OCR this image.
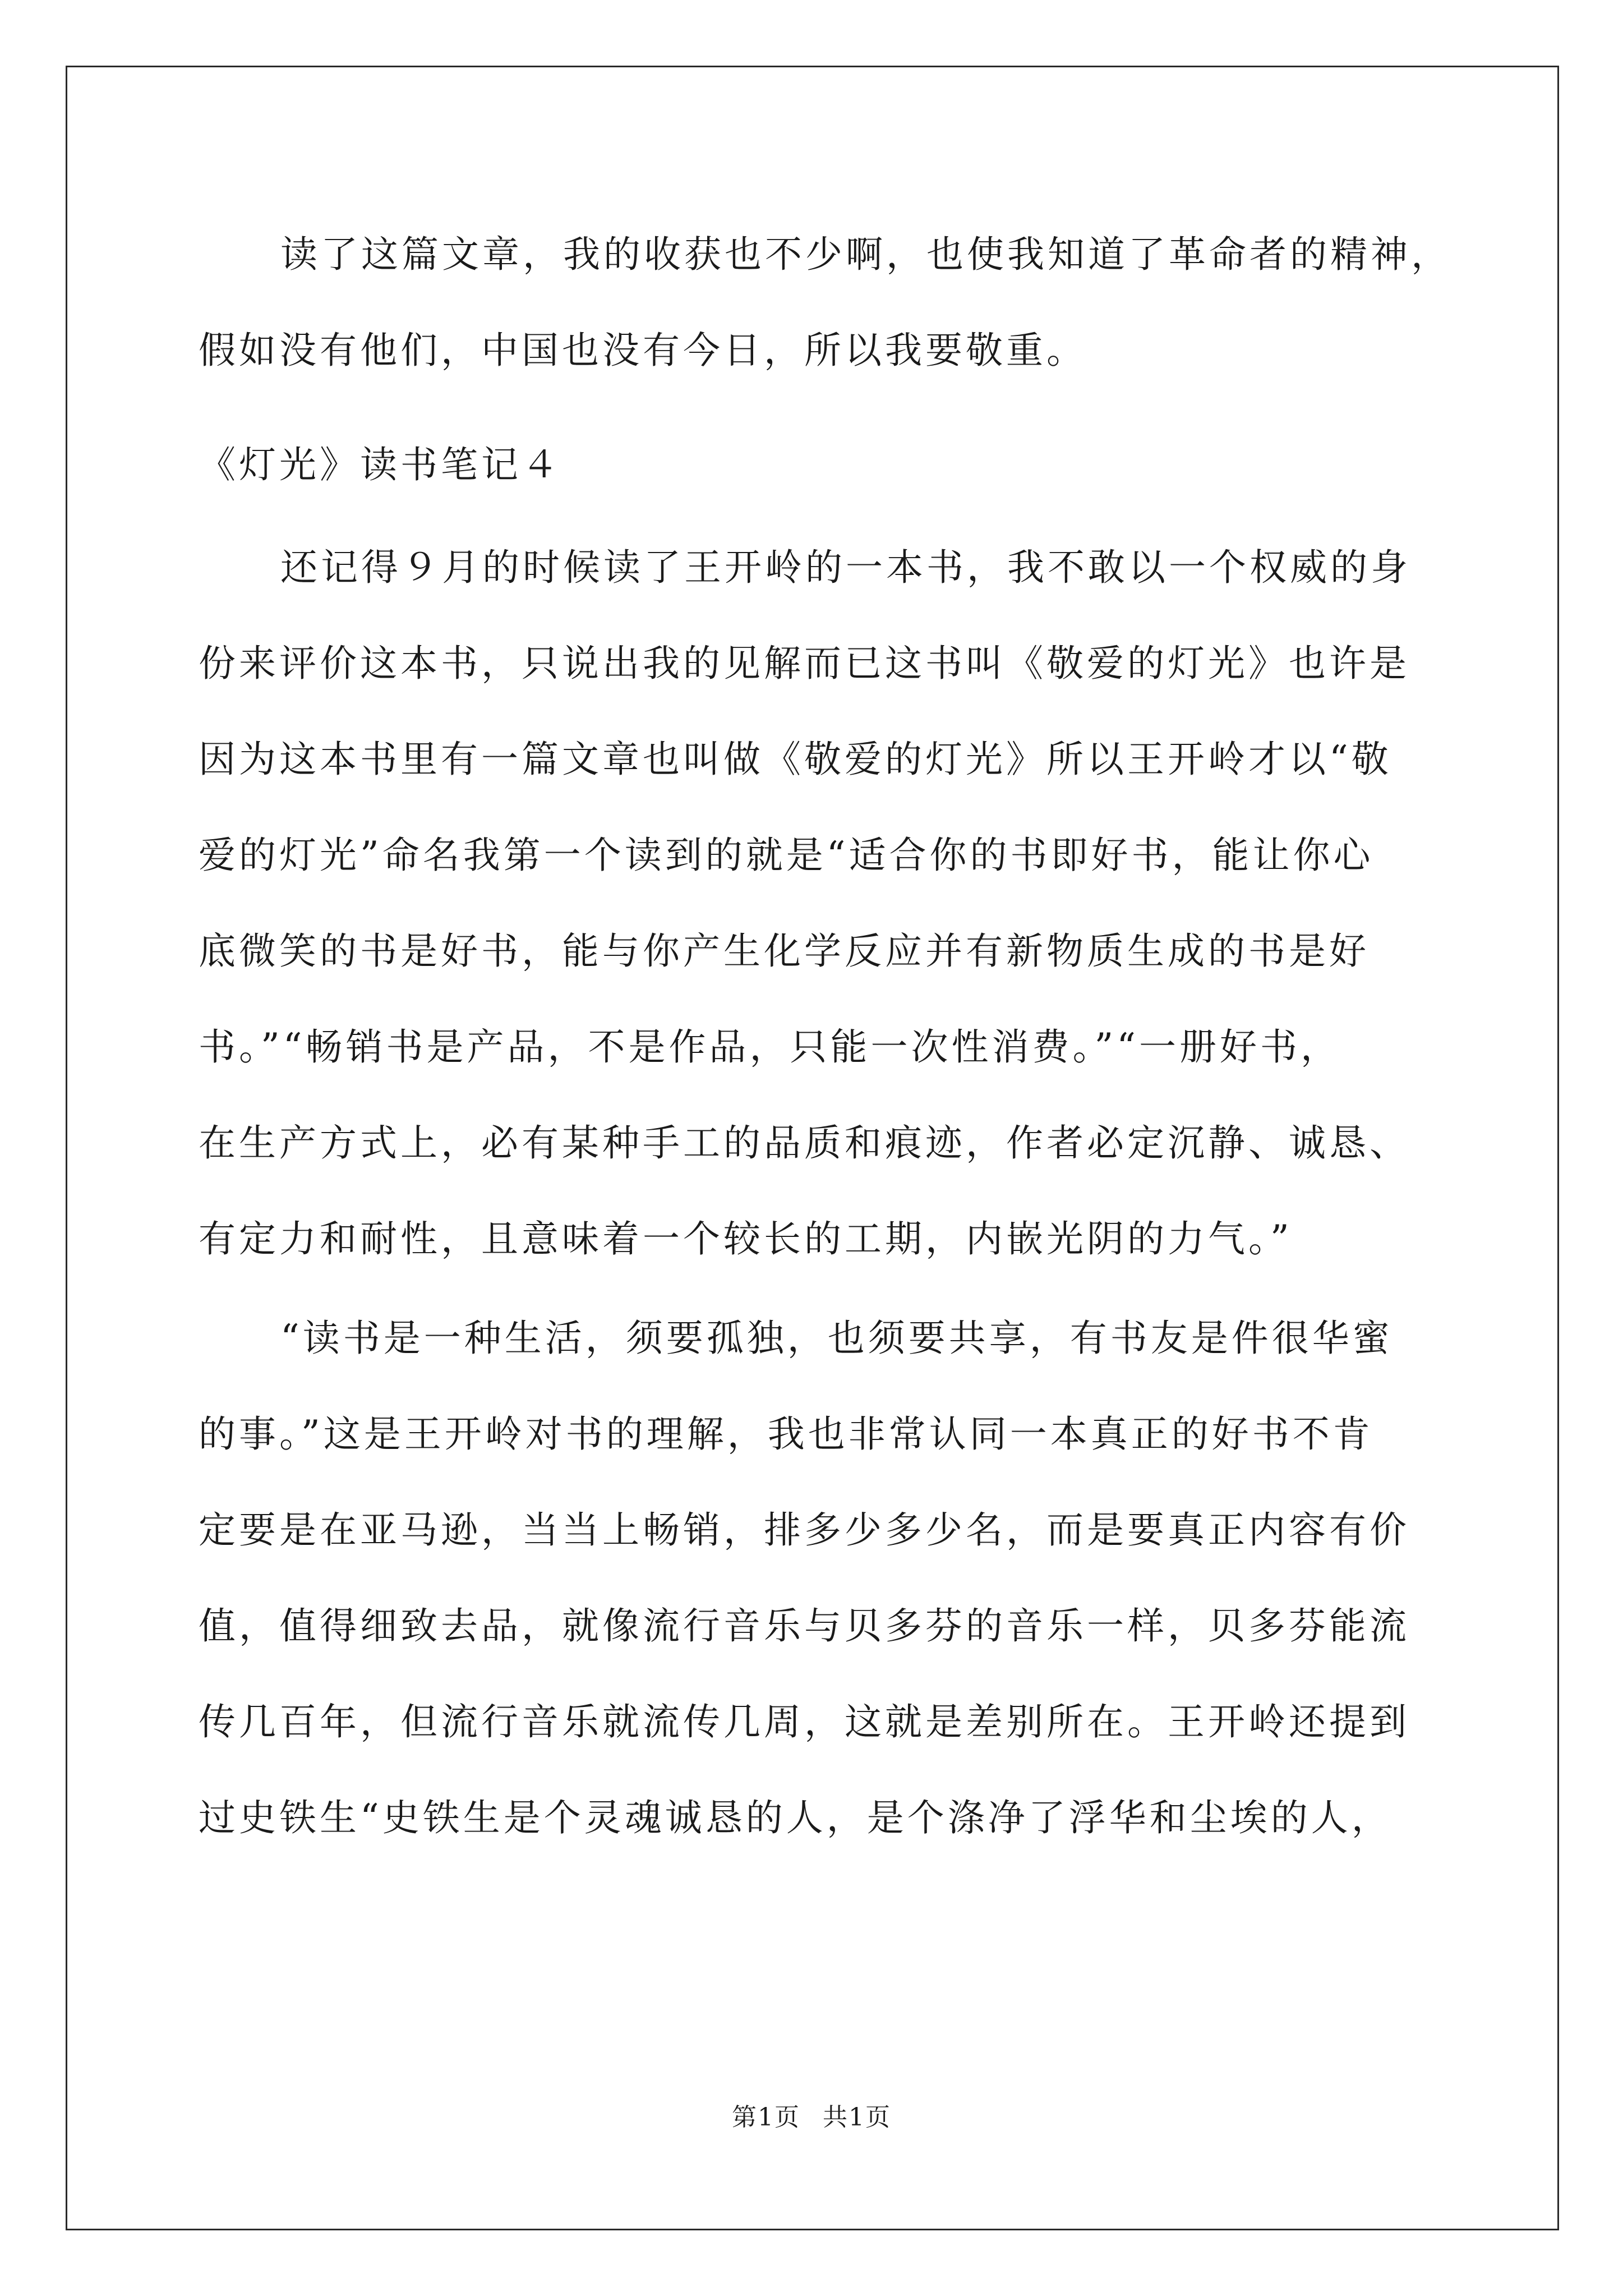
读了这篇文章，我的收获也不少啊，也使我知道了革命者的精神，
假如没有他们，中国也没有今日，所以我要敬重。
《灯光》读书笔记４
还记得９月的时候读了王开岭的一本书，我不敢以一个权威的身
份来评价这本书，只说出我的见解而已这书叫《敬爱的灯光》也许是
因为这本书里有一篇文章也叫做《敬爱的灯光》所以王开岭才以“敬
爱的灯光”命名我第一个读到的就是“适合你的书即好书，能让你心
底微笑的书是好书，能与你产生化学反应并有新物质生成的书是好
书。”“畅销书是产品，不是作品，只能一次性消费。”“一册好书，
在生产方式上，必有某种手工的品质和痕迹，作者必定沉静、诚恳、
有定力和耐性，且意味着一个较长的工期，内嵌光阴的力气。”
“读书是一种生活，须要孤独，也须要共享，有书友是件很华蜜
的事。”这是王开岭对书的理解，我也非常认同一本真正的好书不肯
定要是在亚马逊，当当上畅销，排多少多少名，而是要真正内容有价
值，值得细致去品，就像流行音乐与贝多芬的音乐一样，贝多芬能流
传几百年，但流行音乐就流传几周，这就是差别所在。王开岭还提到
过史铁生“史铁生是个灵魂诚恳的人，是个涤净了浮华和尘埃的人，
第1页 共1页
